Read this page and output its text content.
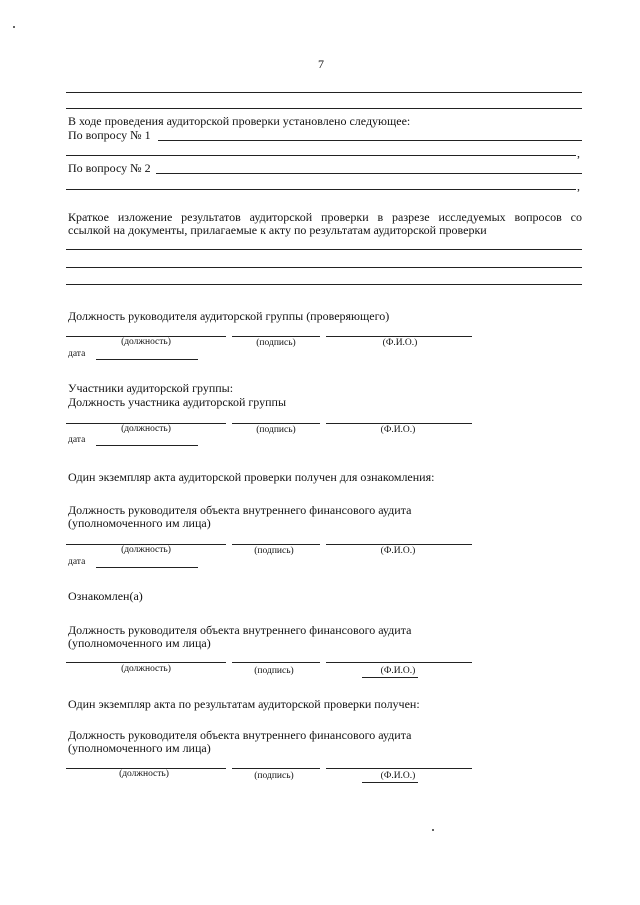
7
В ходе проведения аудиторской проверки установлено следующее:
По вопросу № 1
,
По вопросу № 2
,
Краткое изложение результатов аудиторской проверки в разрезе исследуемых вопросов со
ссылкой на документы, прилагаемые к акту по результатам аудиторской проверки
Должность руководителя аудиторской группы (проверяющего)
(должность)	(подпись)	(Ф.И.О.)
дата
Участники аудиторской группы:
Должность участника аудиторской группы
(должность)	(подпись)	(Ф.И.О.)
дата
Один экземпляр акта аудиторской проверки получен для ознакомления:
Должность руководителя объекта внутреннего финансового аудита
(уполномоченного им лица)
(должность)	(подпись)	(Ф.И.О.)
дата
Ознакомлен(а)
Должность руководителя объекта внутреннего финансового аудита
(уполномоченного им лица)
(должность)	(подпись)	(Ф.И.О.)
Один экземпляр акта по результатам аудиторской проверки получен:
Должность руководителя объекта внутреннего финансового аудита
(уполномоченного им лица)
(должность)	(подпись)	(Ф.И.О.)
